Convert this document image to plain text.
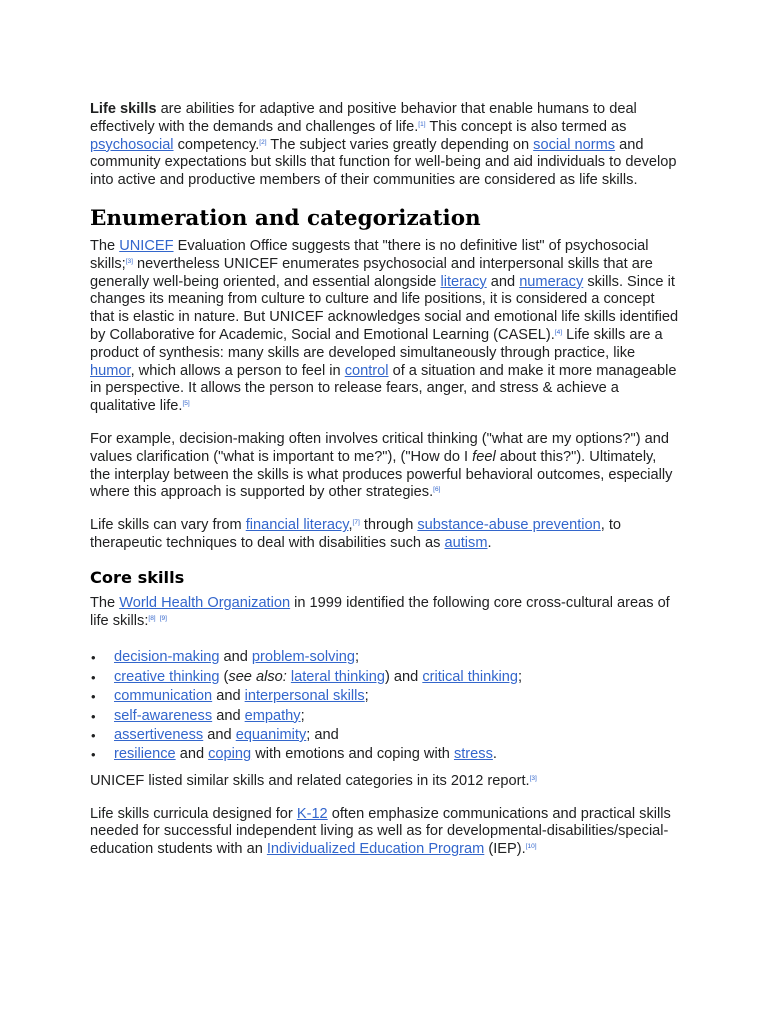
Life skills are abilities for adaptive and positive behavior that enable humans to deal effectively with the demands and challenges of life.[1] This concept is also termed as psychosocial competency.[2] The subject varies greatly depending on social norms and community expectations but skills that function for well-being and aid individuals to develop into active and productive members of their communities are considered as life skills.

Enumeration and categorization

The UNICEF Evaluation Office suggests that "there is no definitive list" of psychosocial skills;[3] nevertheless UNICEF enumerates psychosocial and interpersonal skills that are generally well-being oriented, and essential alongside literacy and numeracy skills. Since it changes its meaning from culture to culture and life positions, it is considered a concept that is elastic in nature. But UNICEF acknowledges social and emotional life skills identified by Collaborative for Academic, Social and Emotional Learning (CASEL).[4] Life skills are a product of synthesis: many skills are developed simultaneously through practice, like humor, which allows a person to feel in control of a situation and make it more manageable in perspective. It allows the person to release fears, anger, and stress & achieve a qualitative life.[5]

For example, decision-making often involves critical thinking ("what are my options?") and values clarification ("what is important to me?"), ("How do I feel about this?"). Ultimately, the interplay between the skills is what produces powerful behavioral outcomes, especially where this approach is supported by other strategies.[6]

Life skills can vary from financial literacy,[7] through substance-abuse prevention, to therapeutic techniques to deal with disabilities such as autism.

Core skills

The World Health Organization in 1999 identified the following core cross-cultural areas of life skills:[8] [9]

• decision-making and problem-solving;
• creative thinking (see also: lateral thinking) and critical thinking;
• communication and interpersonal skills;
• self-awareness and empathy;
• assertiveness and equanimity; and
• resilience and coping with emotions and coping with stress.

UNICEF listed similar skills and related categories in its 2012 report.[3]

Life skills curricula designed for K-12 often emphasize communications and practical skills needed for successful independent living as well as for developmental-disabilities/special-education students with an Individualized Education Program (IEP).[10]
